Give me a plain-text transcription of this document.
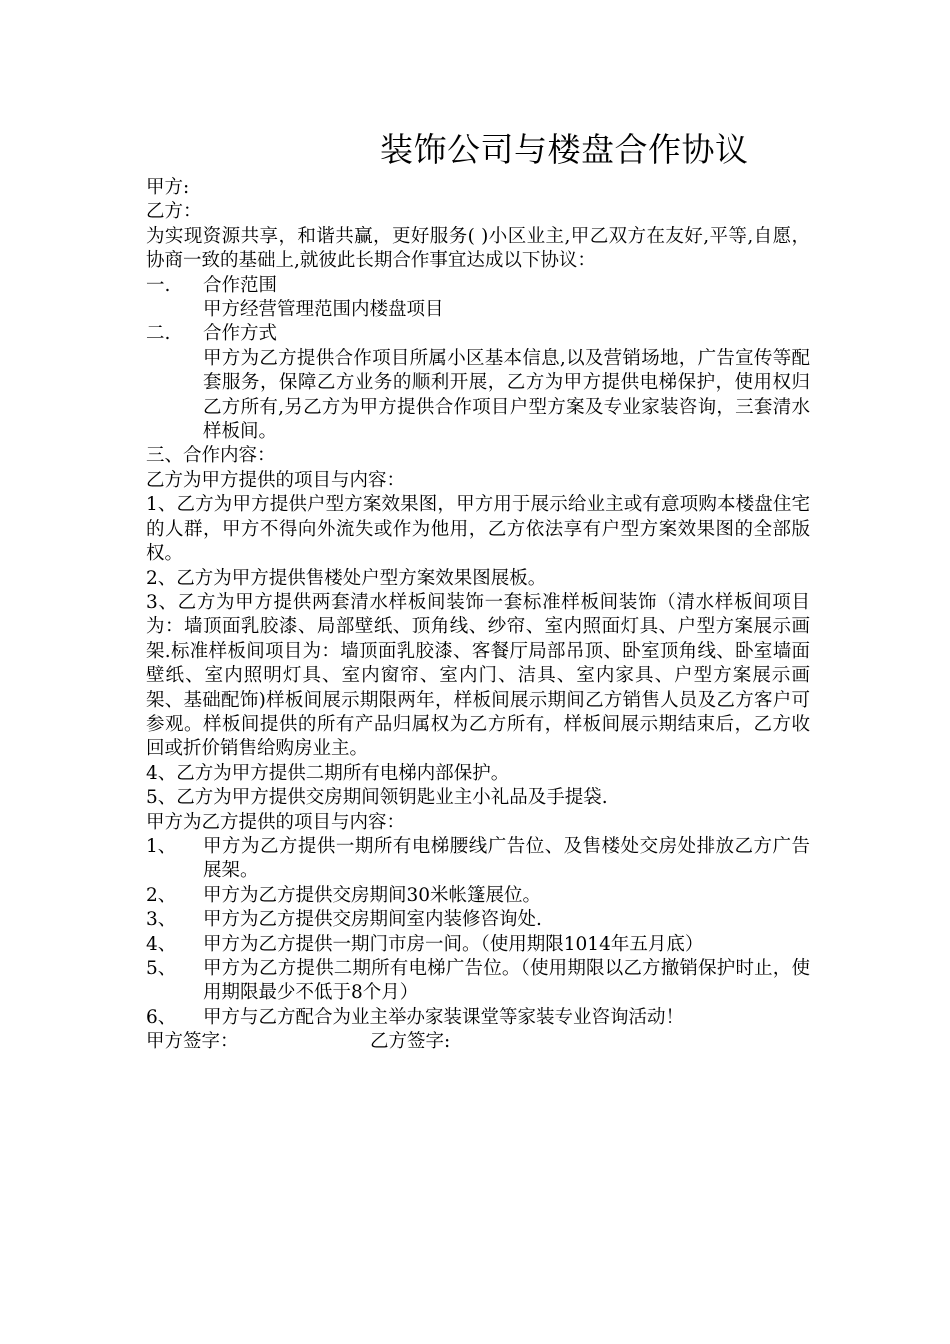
装饰公司与楼盘合作协议

甲方:

乙方：

为实现资源共享，和谐共赢，更好服务( )小区业主,甲乙双方在友好,平等,自愿，协商一致的基础上,就彼此长期合作事宜达成以下协议：

一.	合作范围

甲方经营管理范围内楼盘项目

二.	合作方式

甲方为乙方提供合作项目所属小区基本信息,以及营销场地，广告宣传等配套服务，保障乙方业务的顺利开展，乙方为甲方提供电梯保护，使用权归乙方所有,另乙方为甲方提供合作项目户型方案及专业家装咨询，三套清水样板间。

三、合作内容：

乙方为甲方提供的项目与内容：

1、乙方为甲方提供户型方案效果图，甲方用于展示给业主或有意项购本楼盘住宅的人群，甲方不得向外流失或作为他用，乙方依法享有户型方案效果图的全部版权。

2、乙方为甲方提供售楼处户型方案效果图展板。

3、乙方为甲方提供两套清水样板间装饰一套标准样板间装饰（清水样板间项目为：墙顶面乳胶漆、局部壁纸、顶角线、纱帘、室内照面灯具、户型方案展示画架.标准样板间项目为：墙顶面乳胶漆、客餐厅局部吊顶、卧室顶角线、卧室墙面壁纸、室内照明灯具、室内窗帘、室内门、洁具、室内家具、户型方案展示画架、基础配饰)样板间展示期限两年，样板间展示期间乙方销售人员及乙方客户可参观。样板间提供的所有产品归属权为乙方所有，样板间展示期结束后，乙方收回或折价销售给购房业主。

4、乙方为甲方提供二期所有电梯内部保护。

5、乙方为甲方提供交房期间领钥匙业主小礼品及手提袋.

甲方为乙方提供的项目与内容：

1、	甲方为乙方提供一期所有电梯腰线广告位、及售楼处交房处排放乙方广告展架。
2、	甲方为乙方提供交房期间30米帐篷展位。
3、	甲方为乙方提供交房期间室内装修咨询处.
4、	甲方为乙方提供一期门市房一间。（使用期限1014年五月底）
5、	甲方为乙方提供二期所有电梯广告位。（使用期限以乙方撤销保护时止，使用期限最少不低于8个月）
6、	甲方与乙方配合为业主举办家装课堂等家装专业咨询活动！
甲方签字：	乙方签字:
